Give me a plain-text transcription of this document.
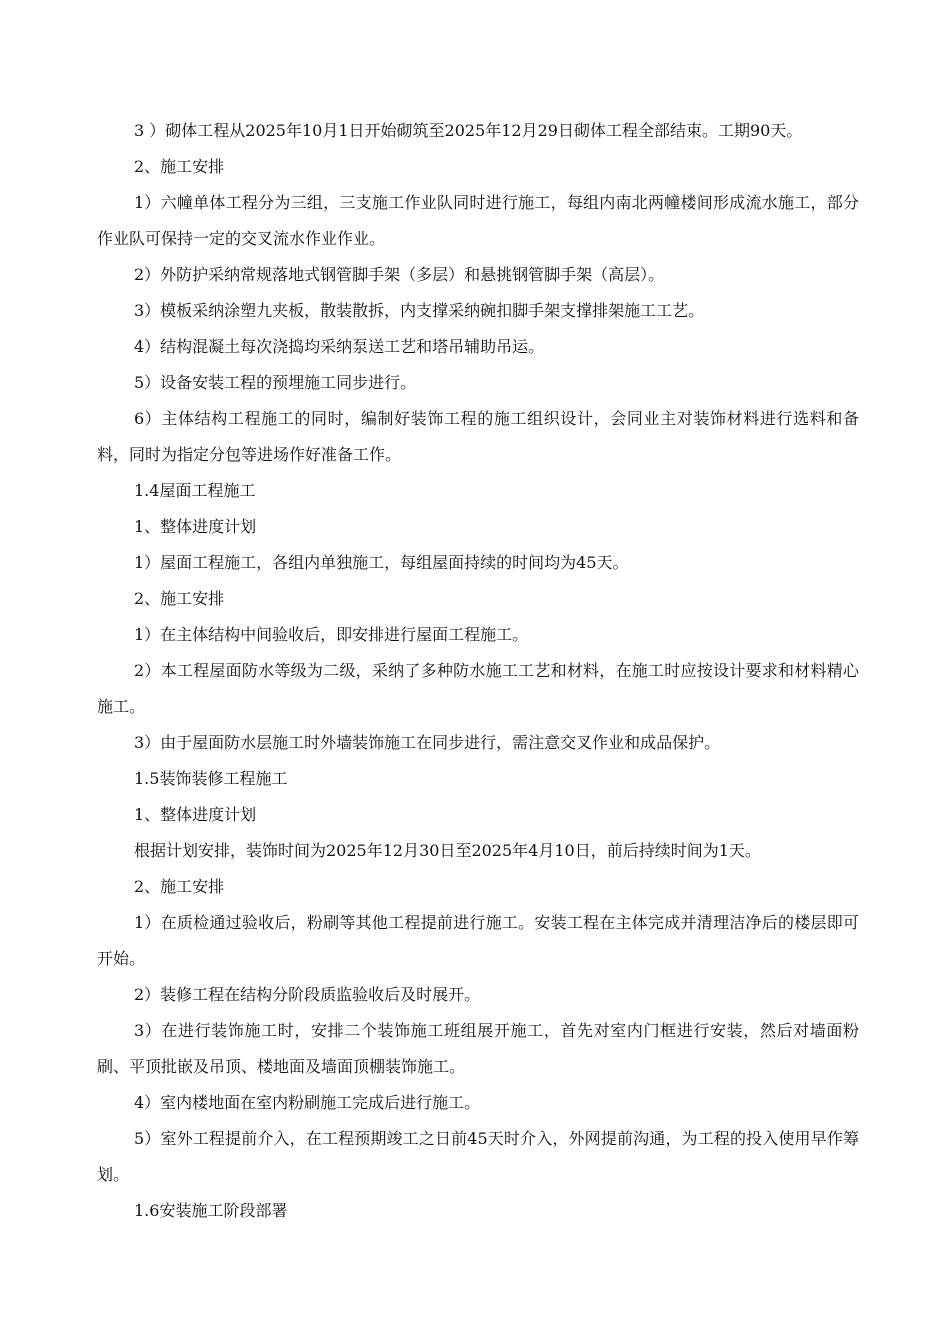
3 ）砌体工程从2025年10月1日开始砌筑至2025年12月29日砌体工程全部结束。工期90天。

2、施工安排

1）六幢单体工程分为三组，三支施工作业队同时进行施工，每组内南北两幢楼间形成流水施工，部分作业队可保持一定的交叉流水作业作业。

2）外防护采纳常规落地式钢管脚手架（多层）和悬挑钢管脚手架（高层）。

3）模板采纳涂塑九夹板，散装散拆，内支撑采纳碗扣脚手架支撑排架施工工艺。

4）结构混凝土每次浇捣均采纳泵送工艺和塔吊辅助吊运。

5）设备安装工程的预埋施工同步进行。

6）主体结构工程施工的同时，编制好装饰工程的施工组织设计，会同业主对装饰材料进行选料和备料，同时为指定分包等进场作好准备工作。

1.4屋面工程施工

1、整体进度计划

1）屋面工程施工，各组内单独施工，每组屋面持续的时间均为45天。

2、施工安排

1）在主体结构中间验收后，即安排进行屋面工程施工。

2）本工程屋面防水等级为二级，采纳了多种防水施工工艺和材料，在施工时应按设计要求和材料精心施工。

3）由于屋面防水层施工时外墙装饰施工在同步进行，需注意交叉作业和成品保护。

1.5装饰装修工程施工

1、整体进度计划

根据计划安排，装饰时间为2025年12月30日至2025年4月10日，前后持续时间为1天。

2、施工安排

1）在质检通过验收后，粉刷等其他工程提前进行施工。安装工程在主体完成并清理洁净后的楼层即可开始。

2）装修工程在结构分阶段质监验收后及时展开。

3）在进行装饰施工时，安排二个装饰施工班组展开施工，首先对室内门框进行安装，然后对墙面粉刷、平顶批嵌及吊顶、楼地面及墙面顶棚装饰施工。

4）室内楼地面在室内粉刷施工完成后进行施工。

5）室外工程提前介入，在工程预期竣工之日前45天时介入，外网提前沟通，为工程的投入使用早作筹划。

1.6安装施工阶段部署
